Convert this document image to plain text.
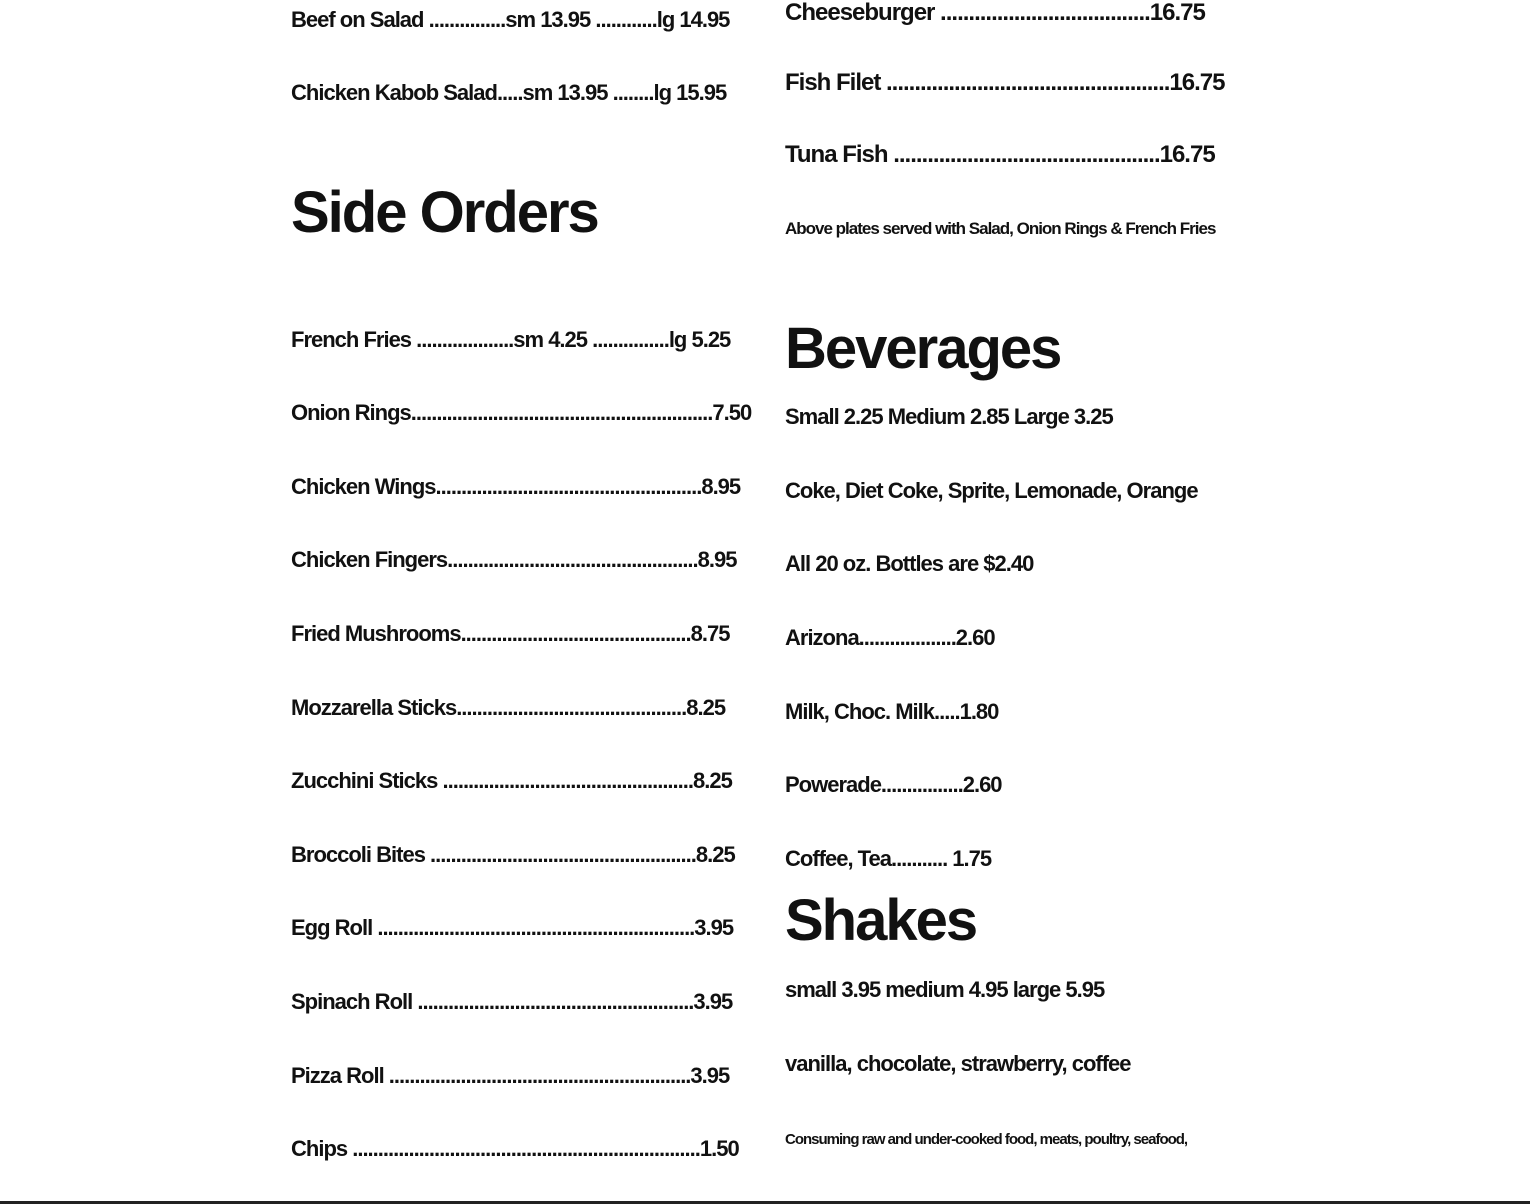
Beef on Salad ...............sm 13.95 ............lg 14.95
Chicken Kabob Salad.....sm 13.95 ........lg 15.95
Side Orders
French Fries ...................sm 4.25 ...............lg 5.25
Onion Rings...........................................................7.50
Chicken Wings....................................................8.95
Chicken Fingers.................................................8.95
Fried Mushrooms.............................................8.75
Mozzarella Sticks.............................................8.25
Zucchini Sticks .................................................8.25
Broccoli Bites ....................................................8.25
Egg Roll ..............................................................3.95
Spinach Roll ......................................................3.95
Pizza Roll ...........................................................3.95
Chips ....................................................................1.50
Cheeseburger .....................................16.75
Fish Filet ..................................................16.75
Tuna Fish ...............................................16.75
Above plates served with Salad, Onion Rings & French Fries
Beverages
Small 2.25 Medium 2.85 Large 3.25
Coke, Diet Coke, Sprite, Lemonade, Orange
All 20 oz. Bottles are $2.40
Arizona...................2.60
Milk, Choc. Milk.....1.80
Powerade................2.60
Coffee, Tea........... 1.75
Shakes
small 3.95 medium 4.95 large 5.95
vanilla, chocolate, strawberry, coffee
Consuming raw and under-cooked food, meats, poultry, seafood,
